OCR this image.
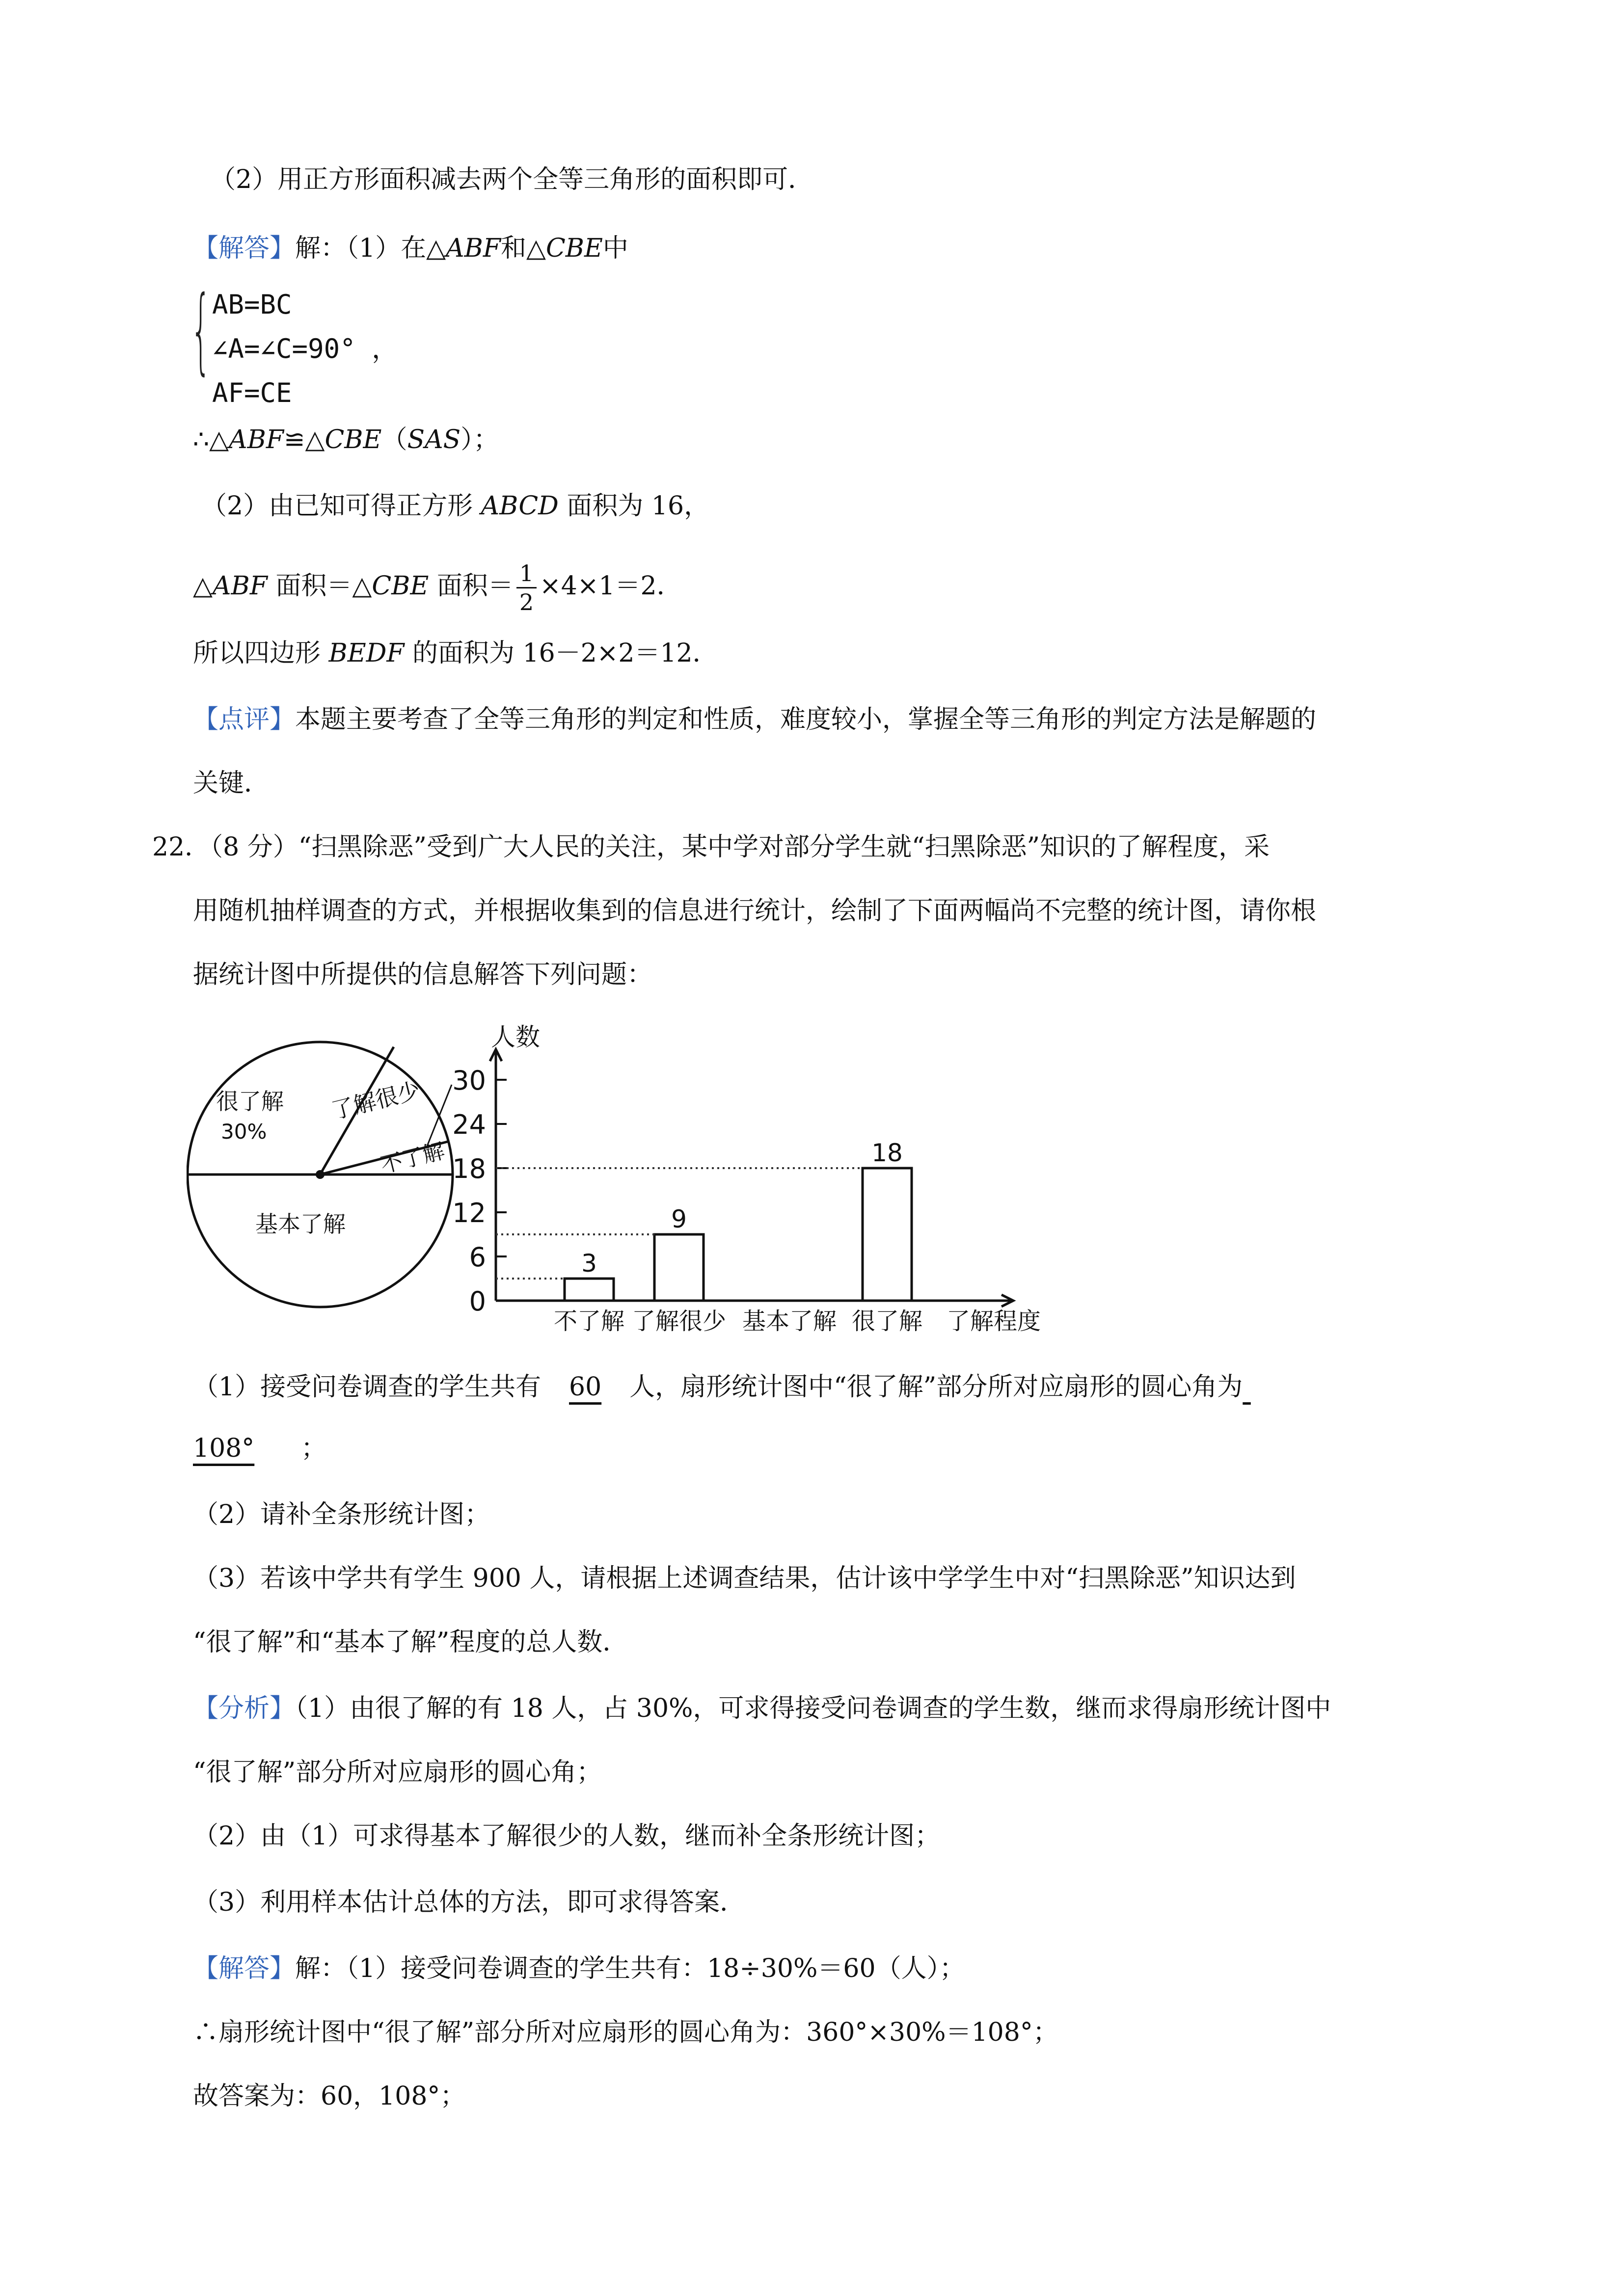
（2）用正方形面积减去两个全等三角形的面积即可．
【解答】解：（1）在△ABF和△CBE中
{ AB=BC
∠A=∠C=90° ，
AF=CE
∴△ABF≌△CBE（SAS）；
（2）由已知可得正方形 ABCD 面积为 16，
△ABF 面积＝△CBE 面积＝ $\frac{1}{2} \times 4\times 1=2$．
所以四边形 BEDF 的面积为 16－2×2＝12．
【点评】本题主要考查了全等三角形的判定和性质，难度较小，掌握全等三角形的判定方法是解题的
关键．
22．（8 分）“扫黑除恶”受到广大人民的关注，某中学对部分学生就“扫黑除恶”知识的了解程度，采
用随机抽样调查的方式，并根据收集到的信息进行统计，绘制了下面两幅尚不完整的统计图，请你根
据统计图中所提供的信息解答下列问题：
很了解
30%
了解很少
不了解
基本了解
人数
0
6
12
18
24
30
不了解
3
了解很少
9
基本了解 很了解
18
了解程度
（1）接受问卷调查的学生共有 60 人，扇形统计图中“很了解”部分所对应扇形的圆心角为
108° ；
（2）请补全条形统计图；
（3）若该中学共有学生 900 人，请根据上述调查结果，估计该中学学生中对“扫黑除恶”知识达到
“很了解”和“基本了解”程度的总人数．
【分析】（1）由很了解的有 18 人，占 30%，可求得接受问卷调查的学生数，继而求得扇形统计图中
“很了解”部分所对应扇形的圆心角；
（2）由（1）可求得基本了解很少的人数，继而补全条形统计图；
（3）利用样本估计总体的方法，即可求得答案．
【解答】解：（1）接受问卷调查的学生共有：18÷30%＝60（人）；
∴扇形统计图中“很了解”部分所对应扇形的圆心角为：360°×30%＝108°；
故答案为：60，108°；
